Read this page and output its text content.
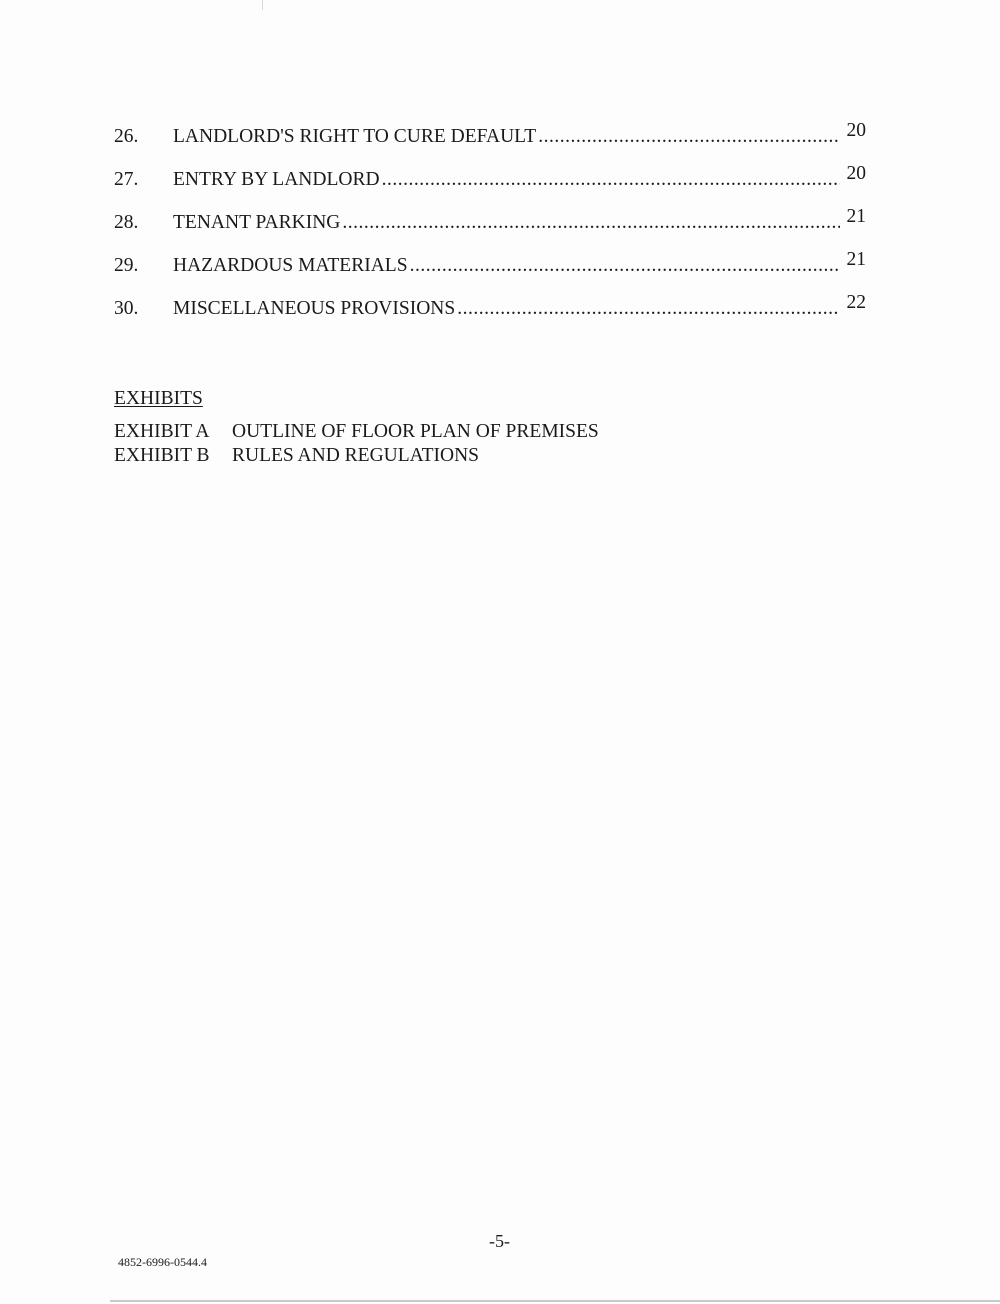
26.	LANDLORD'S RIGHT TO CURE DEFAULT .....	20
27.	ENTRY BY LANDLORD .....	20
28.	TENANT PARKING .....	21
29.	HAZARDOUS MATERIALS .....	21
30.	MISCELLANEOUS PROVISIONS .....	22
EXHIBITS
EXHIBIT A OUTLINE OF FLOOR PLAN OF PREMISES
EXHIBIT B RULES AND REGULATIONS
-5-
4852-6996-0544.4
